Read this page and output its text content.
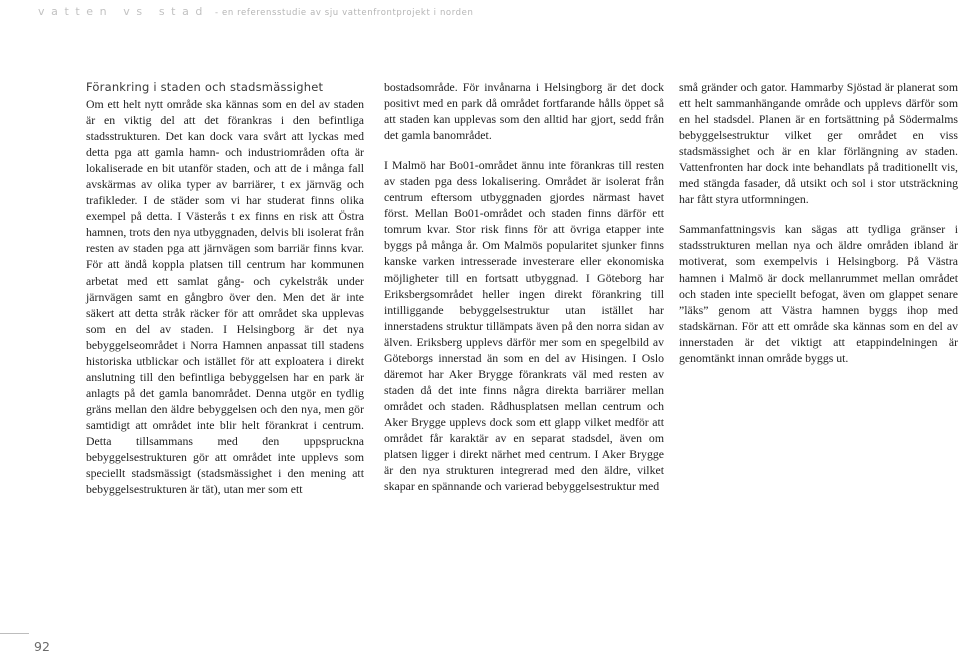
vatten vs stad - en referensstudie av sju vattenfrontprojekt i norden
Förankring i staden och stadsmässighet

Om ett helt nytt område ska kännas som en del av staden är en viktig del att det förankras i den befintliga stadsstrukturen. Det kan dock vara svårt att lyckas med detta pga att gamla hamn- och industriområden ofta är lokaliserade en bit utanför staden, och att de i många fall avskärmas av olika typer av barriärer, t ex järnväg och trafikleder. I de städer som vi har studerat finns olika exempel på detta. I Västerås t ex finns en risk att Östra hamnen, trots den nya utbyggnaden, delvis bli isolerat från resten av staden pga att järnvägen som barriär finns kvar. För att ändå koppla platsen till centrum har kommunen arbetat med ett samlat gång- och cykelstråk under järnvägen samt en gångbro över den. Men det är inte säkert att detta stråk räcker för att området ska upplevas som en del av staden. I Helsingborg är det nya bebyggelseområdet i Norra Hamnen anpassat till stadens historiska utblickar och istället för att exploatera i direkt anslutning till den befintliga bebyggelsen har en park är anlagts på det gamla banområdet. Denna utgör en tydlig gräns mellan den äldre bebyggelsen och den nya, men gör samtidigt att området inte blir helt förankrat i centrum. Detta tillsammans med den uppspruckna bebyggelsestrukturen gör att området inte upplevs som speciellt stadsmässigt (stadsmässighet i den mening att bebyggelsestrukturen är tät), utan mer som ett

bostadsområde. För invånarna i Helsingborg är det dock positivt med en park då området fortfarande hålls öppet så att staden kan upplevas som den alltid har gjort, sedd från det gamla banområdet.

I Malmö har Bo01-området ännu inte förankras till resten av staden pga dess lokalisering. Området är isolerat från centrum eftersom utbyggnaden gjordes närmast havet först. Mellan Bo01-området och staden finns därför ett tomrum kvar. Stor risk finns för att övriga etapper inte byggs på många år. Om Malmös popularitet sjunker finns kanske varken intresserade investerare eller ekonomiska möjligheter till en fortsatt utbyggnad. I Göteborg har Eriksbergsområdet heller ingen direkt förankring till intilliggande bebyggelsestruktur utan istället har innerstadens struktur tillämpats även på den norra sidan av älven. Eriksberg upplevs därför mer som en spegelbild av Göteborgs innerstad än som en del av Hisingen. I Oslo däremot har Aker Brygge förankrats väl med resten av staden då det inte finns några direkta barriärer mellan området och staden. Rådhusplatsen mellan centrum och Aker Brygge upplevs dock som ett glapp vilket medför att området får karaktär av en separat stadsdel, även om platsen ligger i direkt närhet med centrum. I Aker Brygge är den nya strukturen integrerad med den äldre, vilket skapar en spännande och varierad bebyggelsestruktur med

små gränder och gator. Hammarby Sjöstad är planerat som ett helt sammanhängande område och upplevs därför som en hel stadsdel. Planen är en fortsättning på Södermalms bebyggelsestruktur vilket ger området en viss stadsmässighet och är en klar förlängning av staden. Vattenfronten har dock inte behandlats på traditionellt vis, med stängda fasader, då utsikt och sol i stor utsträckning har fått styra utformningen.

Sammanfattningsvis kan sägas att tydliga gränser i stadsstrukturen mellan nya och äldre områden ibland är motiverat, som exempelvis i Helsingborg. På Västra hamnen i Malmö är dock mellanrummet mellan området och staden inte speciellt befogat, även om glappet senare ”läks” genom att Västra hamnen byggs ihop med stadskärnan. För att ett område ska kännas som en del av innerstaden är det viktigt att etappindelningen är genomtänkt innan område byggs ut.

92
